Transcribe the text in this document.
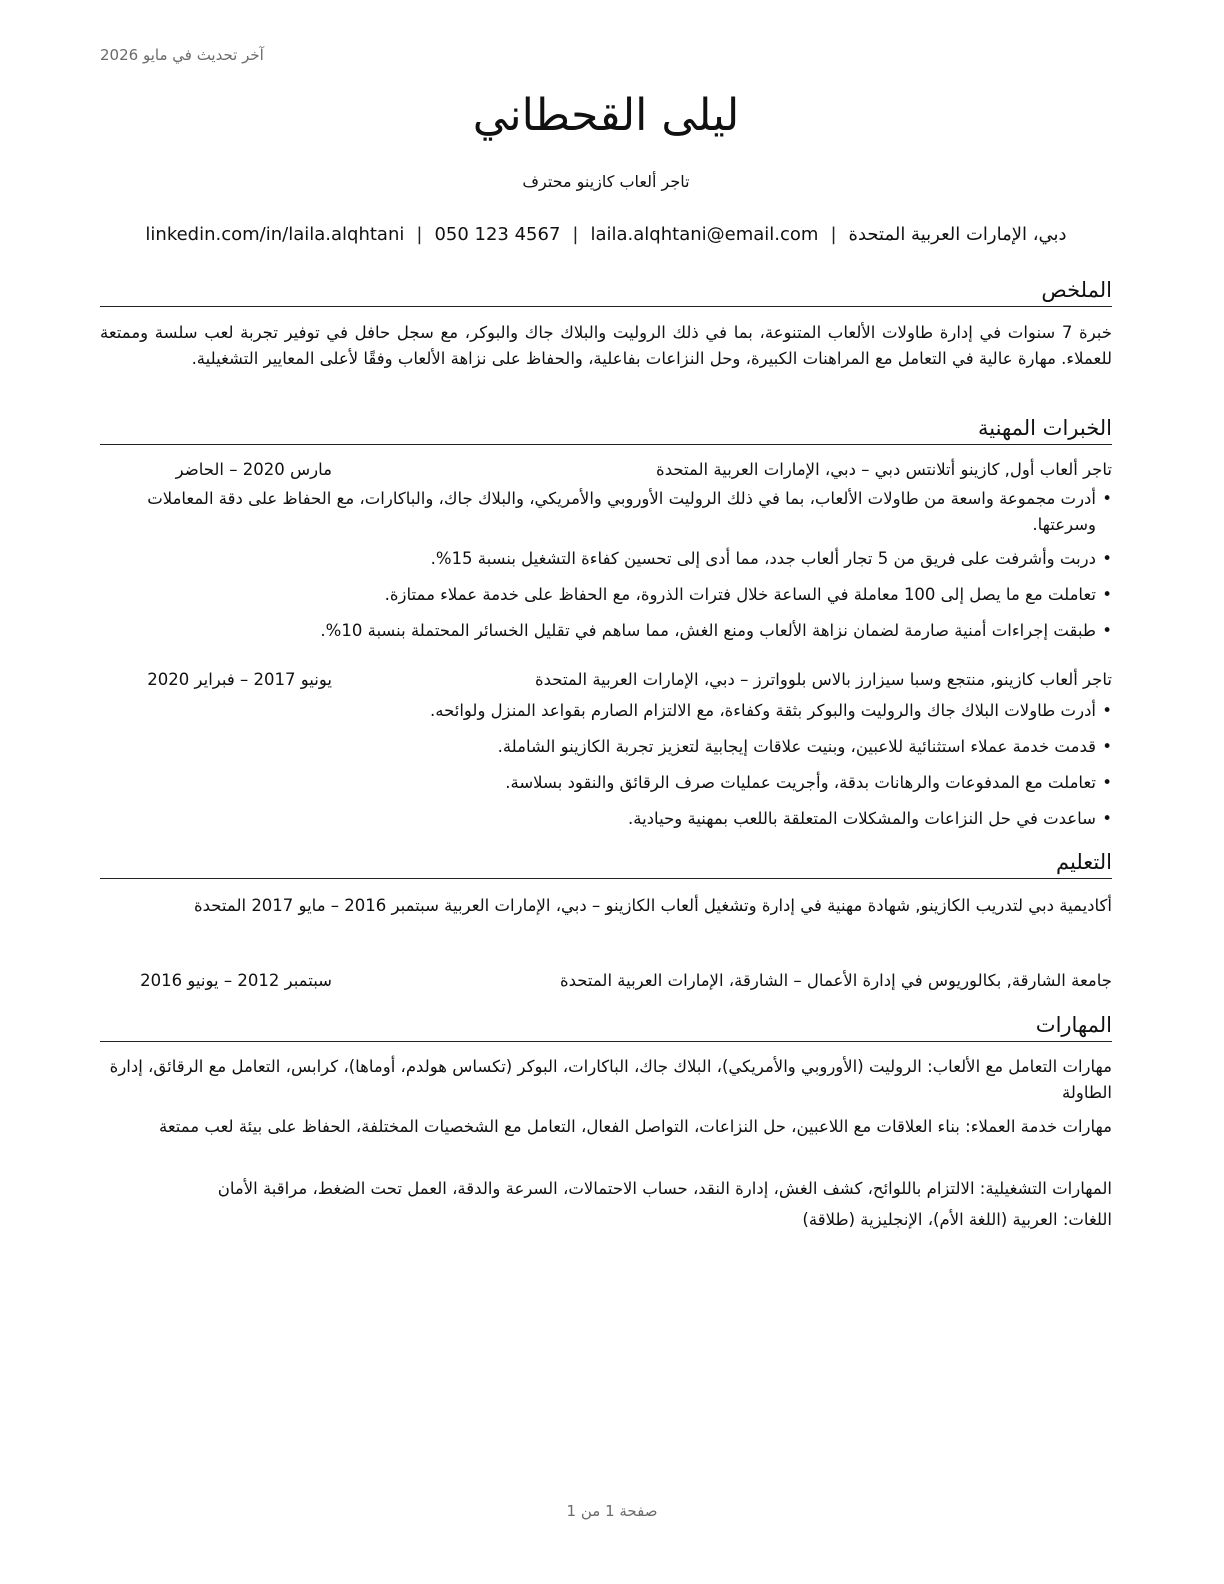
آخر تحديث في مايو 2026
ليلى القحطاني

تاجر ألعاب كازينو محترف

دبي، الإمارات العربية المتحدة|laila.alqhtani@email.com|050 123 4567|linkedin.com/in/laila.alqhtani
الملخص
خبرة 7 سنوات في إدارة طاولات الألعاب المتنوعة، بما في ذلك الروليت والبلاك جاك والبوكر، مع سجل حافل في توفير تجربة لعب سلسة وممتعة للعملاء. مهارة عالية في التعامل مع المراهنات الكبيرة، وحل النزاعات بفاعلية، والحفاظ على نزاهة الألعاب وفقًا لأعلى المعايير التشغيلية.
الخبرات المهنية
تاجر ألعاب أول, كازينو أتلانتس دبي – دبي، الإمارات العربية المتحدة
مارس 2020 – الحاضر
• أدرت مجموعة واسعة من طاولات الألعاب، بما في ذلك الروليت الأوروبي والأمريكي، والبلاك جاك، والباكارات، مع الحفاظ على دقة المعاملات وسرعتها.
• دربت وأشرفت على فريق من 5 تجار ألعاب جدد، مما أدى إلى تحسين كفاءة التشغيل بنسبة 15%.
• تعاملت مع ما يصل إلى 100 معاملة في الساعة خلال فترات الذروة، مع الحفاظ على خدمة عملاء ممتازة.
• طبقت إجراءات أمنية صارمة لضمان نزاهة الألعاب ومنع الغش، مما ساهم في تقليل الخسائر المحتملة بنسبة 10%.
تاجر ألعاب كازينو, منتجع وسبا سيزارز بالاس بلوواترز – دبي، الإمارات العربية المتحدة
يونيو 2017 – فبراير 2020
• أدرت طاولات البلاك جاك والروليت والبوكر بثقة وكفاءة، مع الالتزام الصارم بقواعد المنزل ولوائحه.
• قدمت خدمة عملاء استثنائية للاعبين، وبنيت علاقات إيجابية لتعزيز تجربة الكازينو الشاملة.
• تعاملت مع المدفوعات والرهانات بدقة، وأجريت عمليات صرف الرقائق والنقود بسلاسة.
• ساعدت في حل النزاعات والمشكلات المتعلقة باللعب بمهنية وحيادية.
التعليم
أكاديمية دبي لتدريب الكازينو, شهادة مهنية في إدارة وتشغيل ألعاب الكازينو – دبي، الإمارات العربية سبتمبر 2016 – مايو 2017 المتحدة
جامعة الشارقة, بكالوريوس في إدارة الأعمال – الشارقة، الإمارات العربية المتحدة
سبتمبر 2012 – يونيو 2016
المهارات
مهارات التعامل مع الألعاب: الروليت (الأوروبي والأمريكي)، البلاك جاك، الباكارات، البوكر (تكساس هولدم، أوماها)، كرابس، التعامل مع الرقائق، إدارة الطاولة
مهارات خدمة العملاء: بناء العلاقات مع اللاعبين، حل النزاعات، التواصل الفعال، التعامل مع الشخصيات المختلفة، الحفاظ على بيئة لعب ممتعة
المهارات التشغيلية: الالتزام باللوائح، كشف الغش، إدارة النقد، حساب الاحتمالات، السرعة والدقة، العمل تحت الضغط، مراقبة الأمان
اللغات: العربية (اللغة الأم)، الإنجليزية (طلاقة)
صفحة 1 من 1
